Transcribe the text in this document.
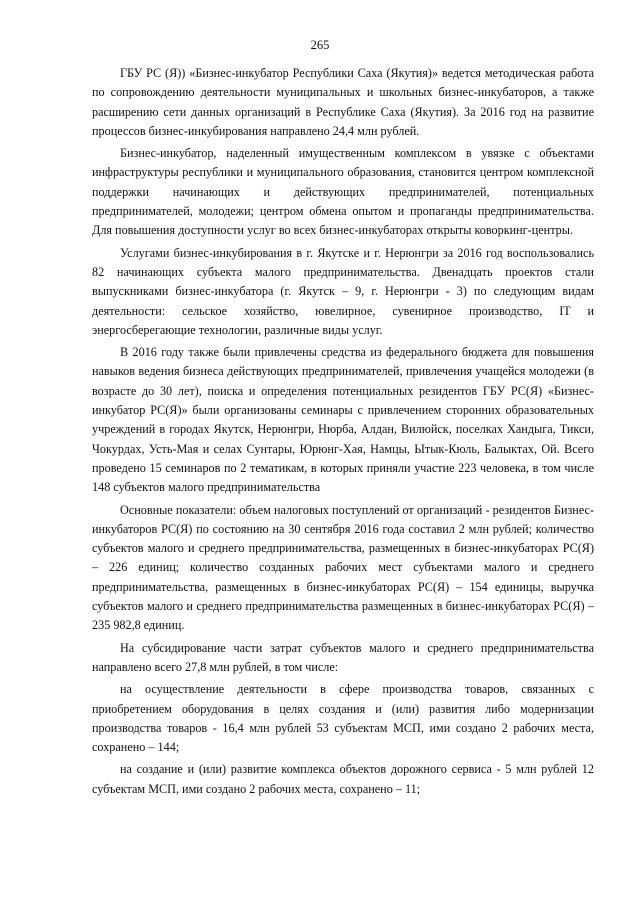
265

ГБУ РС (Я)) «Бизнес-инкубатор Республики Саха (Якутия)» ведется методическая работа по сопровождению деятельности муниципальных и школьных бизнес-инкубаторов, а также расширению сети данных организаций в Республике Саха (Якутия). За 2016 год на развитие процессов бизнес-инкубирования направлено 24,4 млн рублей.

Бизнес-инкубатор, наделенный имущественным комплексом в увязке с объектами инфраструктуры республики и муниципального образования, становится центром комплексной поддержки начинающих и действующих предпринимателей, потенциальных предпринимателей, молодежи; центром обмена опытом и пропаганды предпринимательства. Для повышения доступности услуг во всех бизнес-инкубаторах открыты коворкинг-центры.

Услугами бизнес-инкубирования в г. Якутске и г. Нерюнгри за 2016 год воспользовались 82 начинающих субъекта малого предпринимательства. Двенадцать проектов стали выпускниками бизнес-инкубатора (г. Якутск – 9, г. Нерюнгри - 3) по следующим видам деятельности: сельское хозяйство, ювелирное, сувенирное производство, IT и энергосберегающие технологии, различные виды услуг.

В 2016 году также были привлечены средства из федерального бюджета для повышения навыков ведения бизнеса действующих предпринимателей, привлечения учащейся молодежи (в возрасте до 30 лет), поиска и определения потенциальных резидентов ГБУ РС(Я) «Бизнес-инкубатор РС(Я)» были организованы семинары с привлечением сторонних образовательных учреждений в городах Якутск, Нерюнгри, Нюрба, Алдан, Вилюйск, поселках Хандыга, Тикси, Чокурдах, Усть-Мая и селах Сунтары, Юрюнг-Хая, Намцы, Ытык-Кюль, Балыктах, Ой. Всего проведено 15 семинаров по 2 тематикам, в которых приняли участие 223 человека, в том числе 148 субъектов малого предпринимательства

Основные показатели: объем налоговых поступлений от организаций - резидентов Бизнес-инкубаторов РС(Я) по состоянию на 30 сентября 2016 года составил 2 млн рублей; количество субъектов малого и среднего предпринимательства, размещенных в бизнес-инкубаторах РС(Я) – 226 единиц; количество созданных рабочих мест субъектами малого и среднего предпринимательства, размещенных в бизнес-инкубаторах РС(Я) – 154 единицы, выручка субъектов малого и среднего предпринимательства размещенных в бизнес-инкубаторах РС(Я) – 235 982,8 единиц.

На субсидирование части затрат субъектов малого и среднего предпринимательства направлено всего 27,8 млн рублей, в том числе:

на осуществление деятельности в сфере производства товаров, связанных с приобретением оборудования в целях создания и (или) развития либо модернизации производства товаров - 16,4 млн рублей 53 субъектам МСП, ими создано 2 рабочих места, сохранено – 144;

на создание и (или) развитие комплекса объектов дорожного сервиса - 5 млн рублей 12 субъектам МСП, ими создано 2 рабочих места, сохранено – 11;
